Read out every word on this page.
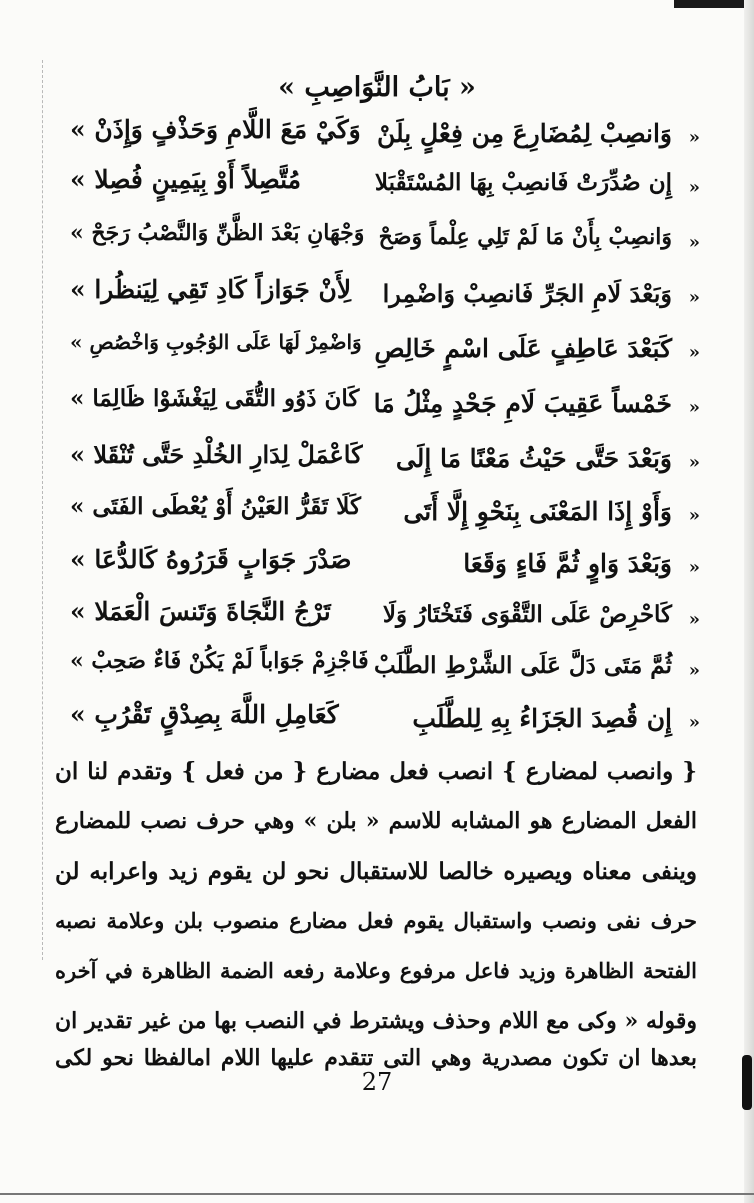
« بَابُ النَّوَاصِبِ »
«
وَانصِبْ لِمُضَارِعَ مِن فِعْلٍ بِلَنْ
وَكَيْ مَعَ اللَّامِ وَحَذْفٍ وَإِذَنْ »
«
إِن صُدِّرَتْ فَانصِبْ بِهَا المُسْتَقْبَلا
مُتَّصِلاً أَوْ بِيَمِينٍ فُصِلا »
«
وَانصِبْ بِأَنْ مَا لَمْ تَلِي عِلْماً وَصَحْ
وَجْهَانِ بَعْدَ الظَّنِّ وَالنَّصْبُ رَجَحْ »
«
وَبَعْدَ لَامِ الجَرِّ فَانصِبْ وَاضْمِرا
لِأَنْ جَوَازاً كَادِ تَقِي لِيَنظُرا »
«
كَبَعْدَ عَاطِفٍ عَلَى اسْمٍ خَالِصِ
وَاضْمِرْ لَهَا عَلَى الوُجُوبِ وَاخْصُصِ »
«
خَمْساً عَقِيبَ لَامِ جَحْدٍ مِثْلُ مَا
كَانَ ذَوُو التُّقَى لِيَغْشَوْا ظَالِمَا »
«
وَبَعْدَ حَتَّى حَيْثُ مَعْنًا مَا إِلَى
كَاعْمَلْ لِدَارِ الخُلْدِ حَتَّى تُنْقَلا »
«
وَأَوْ إِذَا المَعْنَى بِنَحْوِ إِلَّا أَتَى
كَلَا تَقَرُّ العَيْنُ أَوْ يُعْطَى الفَتَى »
«
وَبَعْدَ وَاوٍ ثُمَّ فَاءٍ وَقَعَا
صَدْرَ جَوَابٍ قَرَرُوهُ كَالدُّعَا »
«
كَاحْرِصْ عَلَى التَّقْوَى فَتَخْتَارُ وَلَا
تَرْجُ النَّجَاةَ وَتَنسَ الْعَمَلا »
«
ثُمَّ مَتَى دَلَّ عَلَى الشَّرْطِ الطَّلَبْ
فَاجْزِمْ جَوَاباً لَمْ يَكُنْ فَاءٌ صَحِبْ »
«
إِن قُصِدَ الجَزَاءُ بِهِ لِلطَّلَبِ
كَعَامِلِ اللَّهَ بِصِدْقٍ تَقْرُبِ »
{ وانصب لمضارع } انصب فعل مضارع { من فعل } وتقدم لنا ان
الفعل المضارع هو المشابه للاسم « بلن » وهي حرف نصب للمضارع
وينفى معناه ويصيره خالصا للاستقبال نحو لن يقوم زيد واعرابه لن
حرف نفى ونصب واستقبال يقوم فعل مضارع منصوب بلن وعلامة نصبه
الفتحة الظاهرة وزيد فاعل مرفوع وعلامة رفعه الضمة الظاهرة في آخره
وقوله « وكى مع اللام وحذف ويشترط في النصب بها من غير تقدير ان
بعدها ان تكون مصدرية وهي التى تتقدم عليها اللام امالفظا نحو لكى
27
